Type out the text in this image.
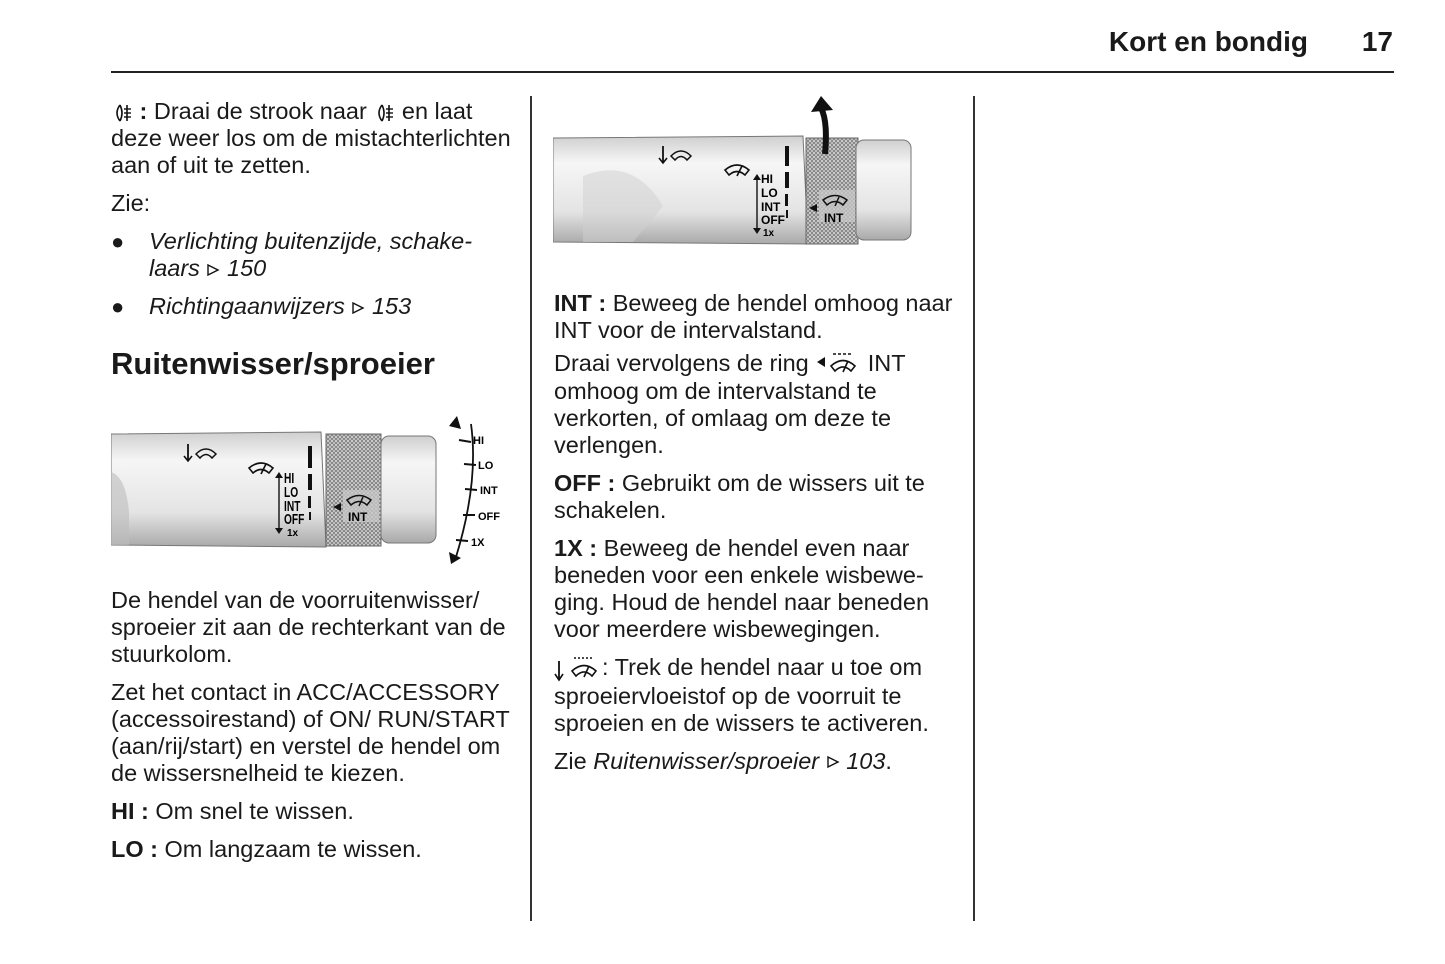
Kort en bondig 17

: Draai de strook naar en laat deze weer los om de mistachterlichten aan of uit te zetten.

Zie:

●	Verlichting buitenzijde, schakelaars 150
●	Richtingaanwijzers 153
Ruitenwisser/sproeier
HI
LO
INT
OFF
1x
INT
HI
LO
INT
OFF
1X

De hendel van de voorruitenwisser/ sproeier zit aan de rechterkant van de stuurkolom.

Zet het contact in ACC/ACCESSORY (accessoirestand) of ON/ RUN/START (aan/rij/start) en verstel de hendel om de wissersnelheid te kiezen.

HI : Om snel te wissen.

LO : Om langzaam te wissen.

HI
LO
INT
OFF
1x
INT

INT : Beweeg de hendel omhoog naar INT voor de intervalstand.

Draai vervolgens de ring	INT omhoog om de intervalstand te verkorten, of omlaag om deze te verlengen.

OFF : Gebruikt om de wissers uit te schakelen.

1X : Beweeg de hendel even naar beneden voor een enkele wisbeweging. Houd de hendel naar beneden voor meerdere wisbewegingen.

: Trek de hendel naar u toe om sproeiervloeistof op de voorruit te sproeien en de wissers te activeren.

Zie Ruitenwisser/sproeier 103.
